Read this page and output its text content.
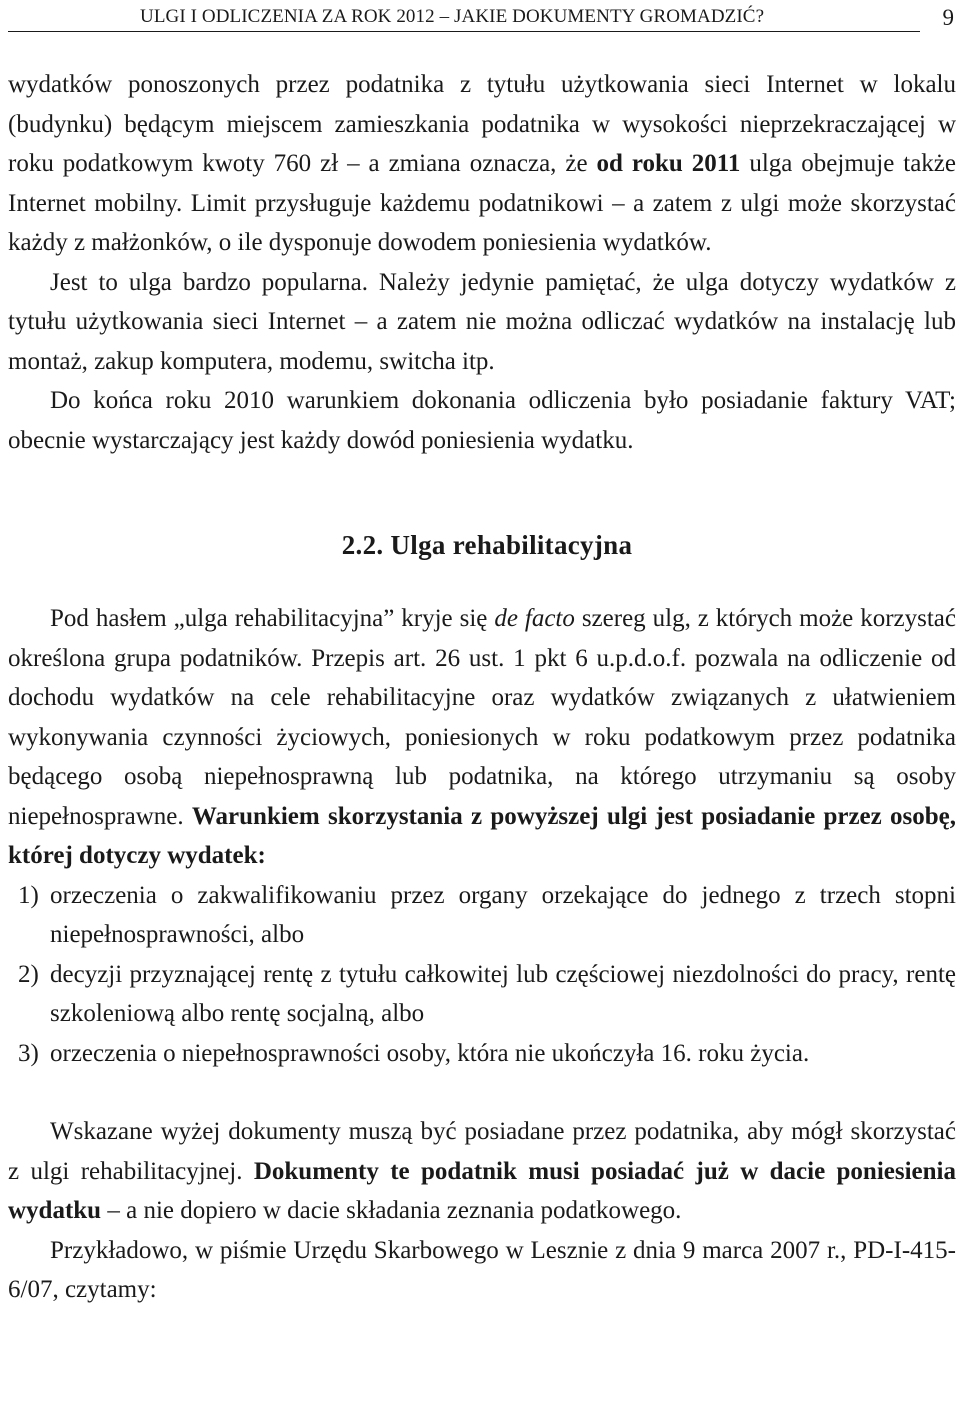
ULGI I ODLICZENIA ZA ROK 2012 – JAKIE DOKUMENTY GROMADZIĆ?	9

wydatków ponoszonych przez podatnika z tytułu użytkowania sieci Internet w lokalu (budynku) będącym miejscem zamieszkania podatnika w wysokości nieprzekraczającej w roku podatkowym kwoty 760 zł – a zmiana oznacza, że od roku 2011 ulga obejmuje także Internet mobilny. Limit przysługuje każdemu podatnikowi – a zatem z ulgi może skorzystać każdy z małżonków, o ile dysponuje dowodem poniesienia wydatków.

Jest to ulga bardzo popularna. Należy jedynie pamiętać, że ulga dotyczy wydatków z tytułu użytkowania sieci Internet – a zatem nie można odliczać wydatków na instalację lub montaż, zakup komputera, modemu, switcha itp.

Do końca roku 2010 warunkiem dokonania odliczenia było posiadanie faktury VAT; obecnie wystarczający jest każdy dowód poniesienia wydatku.

2.2. Ulga rehabilitacyjna

Pod hasłem „ulga rehabilitacyjna” kryje się de facto szereg ulg, z których może korzystać określona grupa podatników. Przepis art. 26 ust. 1 pkt 6 u.p.d.o.f. pozwala na odliczenie od dochodu wydatków na cele rehabilitacyjne oraz wydatków związanych z ułatwieniem wykonywania czynności życiowych, poniesionych w roku podatkowym przez podatnika będącego osobą niepełnosprawną lub podatnika, na którego utrzymaniu są osoby niepełnosprawne. Warunkiem skorzystania z powyższej ulgi jest posiadanie przez osobę, której dotyczy wydatek:

1) orzeczenia o zakwalifikowaniu przez organy orzekające do jednego z trzech stopni niepełnosprawności, albo
2) decyzji przyznającej rentę z tytułu całkowitej lub częściowej niezdolności do pracy, rentę szkoleniową albo rentę socjalną, albo
3) orzeczenia o niepełnosprawności osoby, która nie ukończyła 16. roku życia.

Wskazane wyżej dokumenty muszą być posiadane przez podatnika, aby mógł skorzystać z ulgi rehabilitacyjnej. Dokumenty te podatnik musi posiadać już w dacie poniesienia wydatku – a nie dopiero w dacie składania zeznania podatkowego.

Przykładowo, w piśmie Urzędu Skarbowego w Lesznie z dnia 9 marca 2007 r., PD-I-415-6/07, czytamy:
